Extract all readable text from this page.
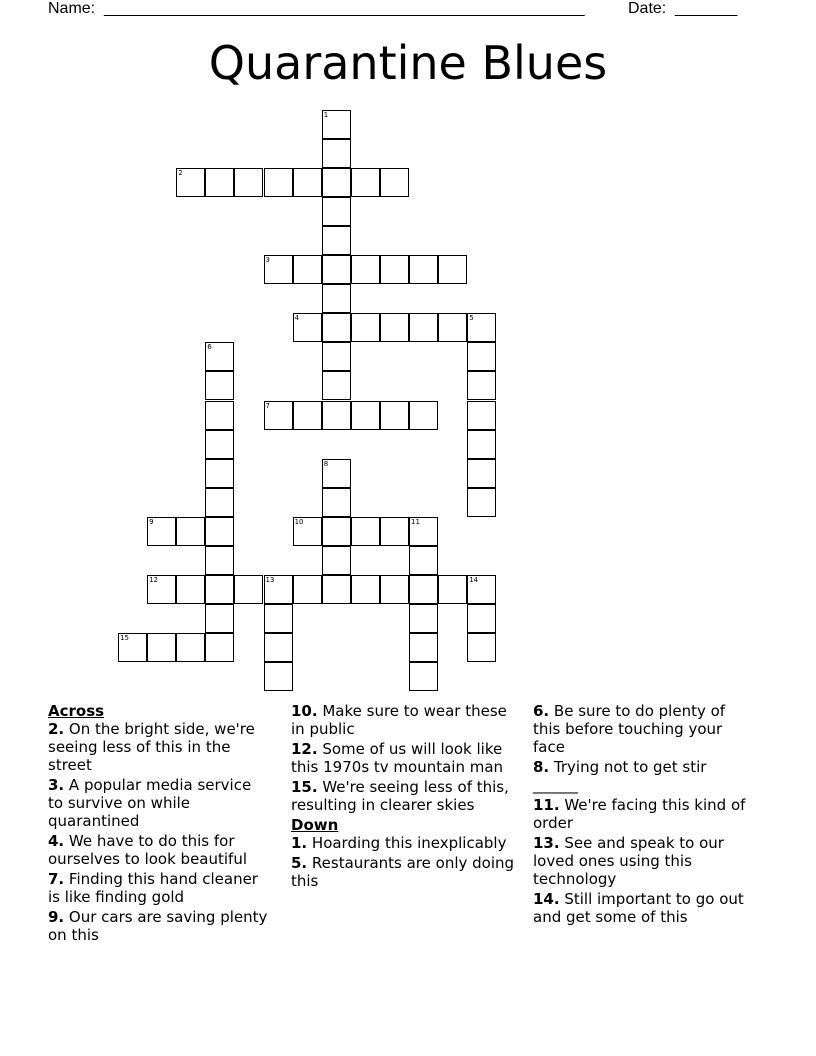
Name: ______________________________________________________	Date: _______
Quarantine Blues
1
2
3
4	5
6
7
8
9	10	11
12	13	14
15
Across
2. On the bright side, we're seeing less of this in the street
3. A popular media service to survive on while quarantined
4. We have to do this for ourselves to look beautiful
7. Finding this hand cleaner is like finding gold
9. Our cars are saving plenty on this
10. Make sure to wear these in public
12. Some of us will look like this 1970s tv mountain man
15. We're seeing less of this, resulting in clearer skies
Down
1. Hoarding this inexplicably
5. Restaurants are only doing this
6. Be sure to do plenty of this before touching your face
8. Trying not to get stir ______
11. We're facing this kind of order
13. See and speak to our loved ones using this technology
14. Still important to go out and get some of this
